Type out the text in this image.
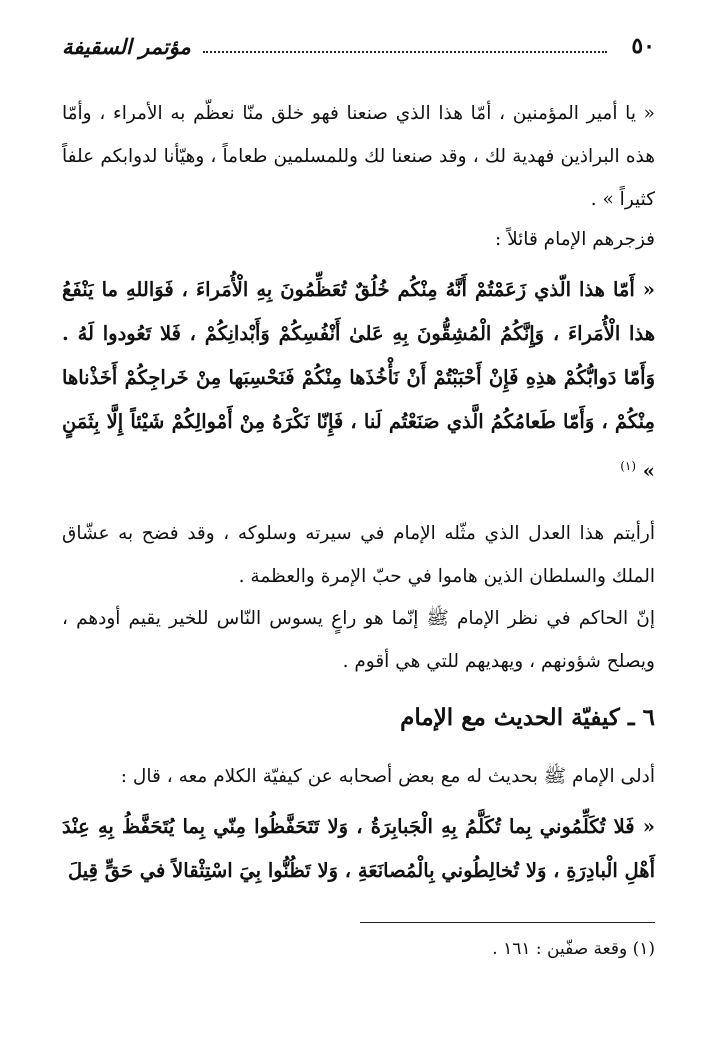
٥٠
مؤتمر السقيفة
« يا أمير المؤمنين ، أمّا هذا الذي صنعنا فهو خلق منّا نعظّم به الأمراء ، وأمّا هذه البراذين فهدية لك ، وقد صنعنا لك وللمسلمين طعاماً ، وهيّأنا لدوابكم علفاً كثيراً » .
فزجرهم الإمام قائلاً :
« أَمّا هذا الّذي زَعَمْتُمْ أَنَّهُ مِنْكُم خُلُقٌ تُعَظِّمُونَ بِهِ الْأُمَراءَ ، فَوَاللهِ ما يَنْفَعُ هذا الْأُمَراءَ ، وَإِنَّكُمُ الْمُشِقُّونَ بِهِ عَلىٰ أَنْفُسِكُمْ وَأَبْدانِكُمْ ، فَلا تَعُودوا لَهُ . وَأَمّا دَوابُّكُمْ هذِهِ فَإِنْ أَحْبَبْتُمْ أَنْ نَأْخُذَها مِنْكُمْ فَنَحْسِبَها مِنْ خَراجِكُمْ أَخَذْناها مِنْكُمْ ، وَأَمّا طَعامُكُمُ الَّذي صَنَعْتُم لَنا ، فَإِنّا نَكْرَهُ مِنْ أَمْوالِكُمْ شَيْئاً إِلَّا بِثَمَنٍ » $^{(١)}$
أرأيتم هذا العدل الذي مثّله الإمام في سيرته وسلوكه ، وقد فضح به عشّاق الملك والسلطان الذين هاموا في حبّ الإمرة والعظمة .
إنّ الحاكم في نظر الإمام ﷺ إنّما هو راعٍ يسوس النّاس للخير يقيم أودهم ، ويصلح شؤونهم ، ويهديهم للتي هي أقوم .
٦ ـ كيفيّة الحديث مع الإمام
أدلى الإمام ﷺ بحديث له مع بعض أصحابه عن كيفيّة الكلام معه ، قال :
« فَلا تُكَلِّمُوني بِما تُكَلَّمُ بِهِ الْجَبابِرَةُ ، وَلا تَتَحَفَّظُوا مِنّي بِما يُتَحَفَّظُ بِهِ عِنْدَ أَهْلِ الْبادِرَةِ ، وَلا تُخالِطُوني بِالْمُصانَعَةِ ، وَلا تَظُنُّوا بِيَ اسْتِثْقالاً في حَقٍّ قِيلَ
(١) وقعة صفّين : ١٦١ .
